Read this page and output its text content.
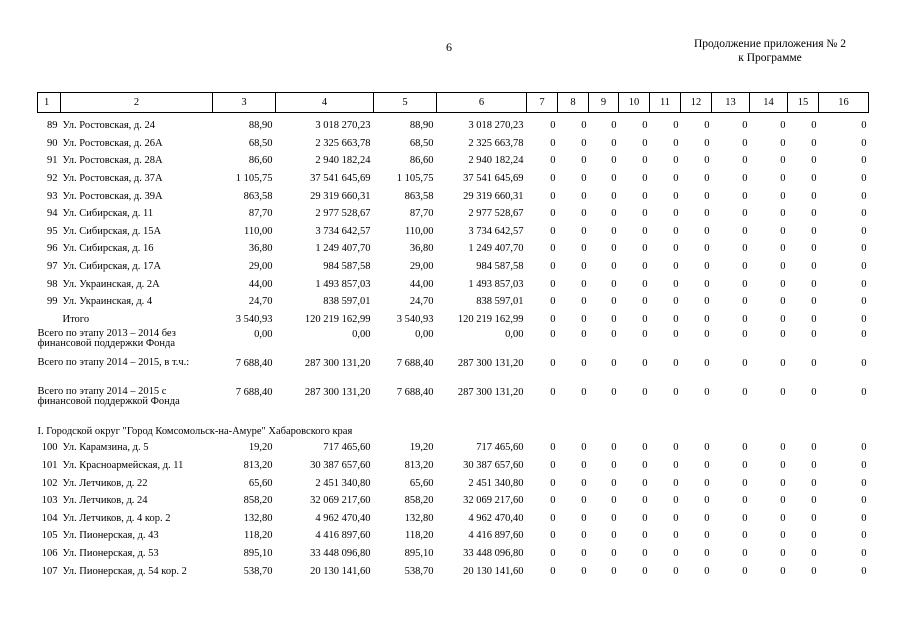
6	Продолжение приложения № 2
к Программе
1	2	3	4	5	6	7	8	9	10	11	12	13	14	15	16

89	Ул. Ростовская, д. 24	88,90	3 018 270,23	88,90	3 018 270,23	0	0	0	0	0	0	0	0	0	0
90	Ул. Ростовская, д. 26А	68,50	2 325 663,78	68,50	2 325 663,78	0	0	0	0	0	0	0	0	0	0
91	Ул. Ростовская, д. 28А	86,60	2 940 182,24	86,60	2 940 182,24	0	0	0	0	0	0	0	0	0	0
92	Ул. Ростовская, д. 37А	1 105,75	37 541 645,69	1 105,75	37 541 645,69	0	0	0	0	0	0	0	0	0	0
93	Ул. Ростовская, д. 39А	863,58	29 319 660,31	863,58	29 319 660,31	0	0	0	0	0	0	0	0	0	0
94	Ул. Сибирская, д. 11	87,70	2 977 528,67	87,70	2 977 528,67	0	0	0	0	0	0	0	0	0	0
95	Ул. Сибирская, д. 15А	110,00	3 734 642,57	110,00	3 734 642,57	0	0	0	0	0	0	0	0	0	0
96	Ул. Сибирская, д. 16	36,80	1 249 407,70	36,80	1 249 407,70	0	0	0	0	0	0	0	0	0	0
97	Ул. Сибирская, д. 17А	29,00	984 587,58	29,00	984 587,58	0	0	0	0	0	0	0	0	0	0
98	Ул. Украинская, д. 2А	44,00	1 493 857,03	44,00	1 493 857,03	0	0	0	0	0	0	0	0	0	0
99	Ул. Украинская, д. 4	24,70	838 597,01	24,70	838 597,01	0	0	0	0	0	0	0	0	0	0
	Итого	3 540,93	120 219 162,99	3 540,93	120 219 162,99	0	0	0	0	0	0	0	0	0	0
Всего по этапу 2013 – 2014 без финансовой поддержки Фонда		0,00	0,00	0,00	0,00	0	0	0	0	0	0	0	0	0	0
Всего по этапу 2014 – 2015, в т.ч.:		7 688,40	287 300 131,20	7 688,40	287 300 131,20	0	0	0	0	0	0	0	0	0	0
Всего по этапу 2014 – 2015 с финансовой поддержкой Фонда		7 688,40	287 300 131,20	7 688,40	287 300 131,20	0	0	0	0	0	0	0	0	0	0
I. Городской округ "Город Комсомольск-на-Амуре" Хабаровского края															
100	Ул. Карамзина, д. 5	19,20	717 465,60	19,20	717 465,60	0	0	0	0	0	0	0	0	0	0
101	Ул. Красноармейская, д. 11	813,20	30 387 657,60	813,20	30 387 657,60	0	0	0	0	0	0	0	0	0	0
102	Ул. Летчиков, д. 22	65,60	2 451 340,80	65,60	2 451 340,80	0	0	0	0	0	0	0	0	0	0
103	Ул. Летчиков, д. 24	858,20	32 069 217,60	858,20	32 069 217,60	0	0	0	0	0	0	0	0	0	0
104	Ул. Летчиков, д. 4 кор. 2	132,80	4 962 470,40	132,80	4 962 470,40	0	0	0	0	0	0	0	0	0	0
105	Ул. Пионерская, д. 43	118,20	4 416 897,60	118,20	4 416 897,60	0	0	0	0	0	0	0	0	0	0
106	Ул. Пионерская, д. 53	895,10	33 448 096,80	895,10	33 448 096,80	0	0	0	0	0	0	0	0	0	0
107	Ул. Пионерская, д. 54 кор. 2	538,70	20 130 141,60	538,70	20 130 141,60	0	0	0	0	0	0	0	0	0	0
